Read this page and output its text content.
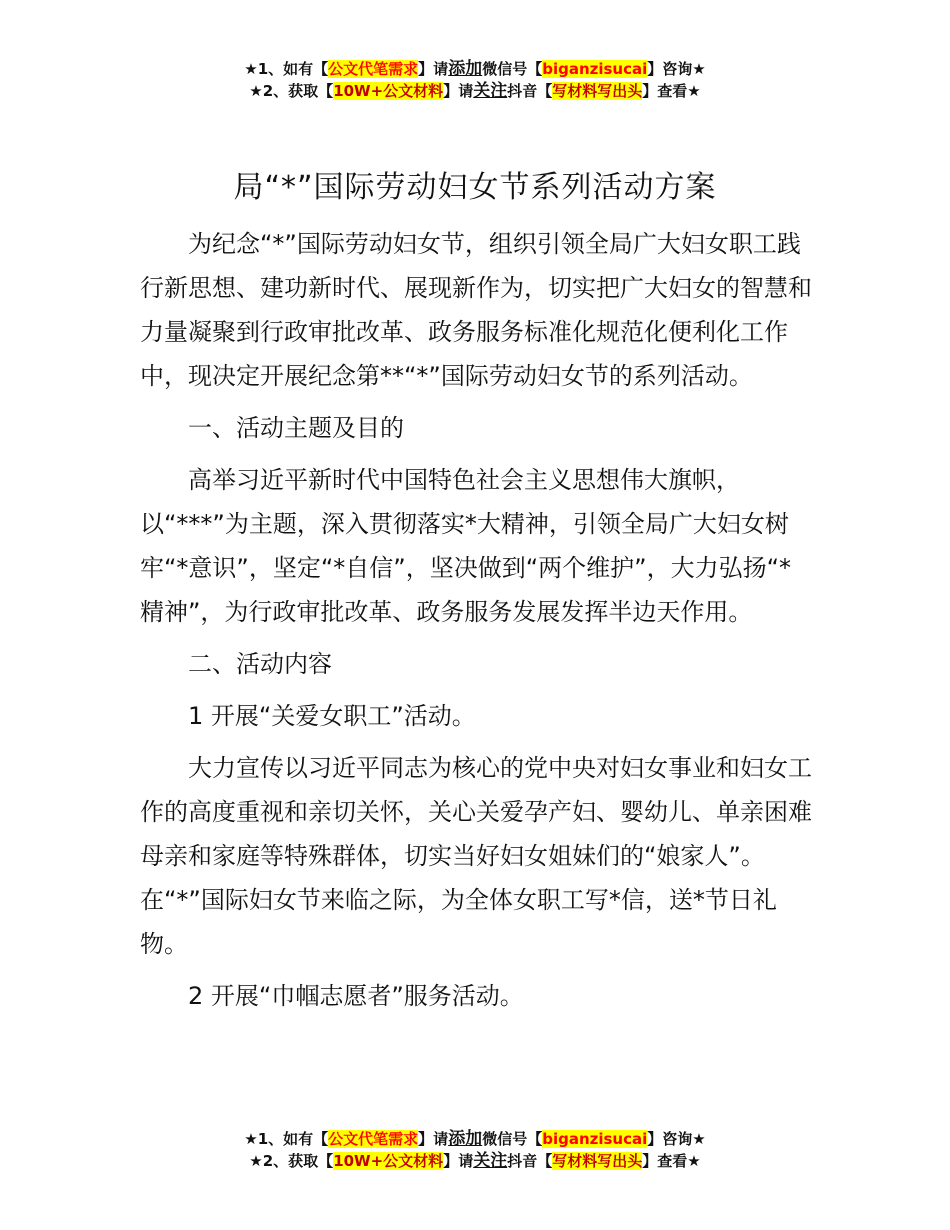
★1、如有【公文代笔需求】请添加微信号【biganzisucai】咨询★
★2、获取【10W+公文材料】请关注抖音【写材料写出头】查看★
局“*”国际劳动妇女节系列活动方案

为纪念“*”国际劳动妇女节，组织引领全局广大妇女职工践行新思想、建功新时代、展现新作为，切实把广大妇女的智慧和力量凝聚到行政审批改革、政务服务标准化规范化便利化工作中，现决定开展纪念第**“*”国际劳动妇女节的系列活动。

一、活动主题及目的

高举习近平新时代中国特色社会主义思想伟大旗帜，以“***”为主题，深入贯彻落实*大精神，引领全局广大妇女树牢“*意识”，坚定“*自信”，坚决做到“两个维护”，大力弘扬“*精神”，为行政审批改革、政务服务发展发挥半边天作用。

二、活动内容

1 开展“关爱女职工”活动。

大力宣传以习近平同志为核心的党中央对妇女事业和妇女工作的高度重视和亲切关怀，关心关爱孕产妇、婴幼儿、单亲困难母亲和家庭等特殊群体，切实当好妇女姐妹们的“娘家人”。在“*”国际妇女节来临之际，为全体女职工写*信，送*节日礼物。

2 开展“巾帼志愿者”服务活动。

★1、如有【公文代笔需求】请添加微信号【biganzisucai】咨询★
★2、获取【10W+公文材料】请关注抖音【写材料写出头】查看★
